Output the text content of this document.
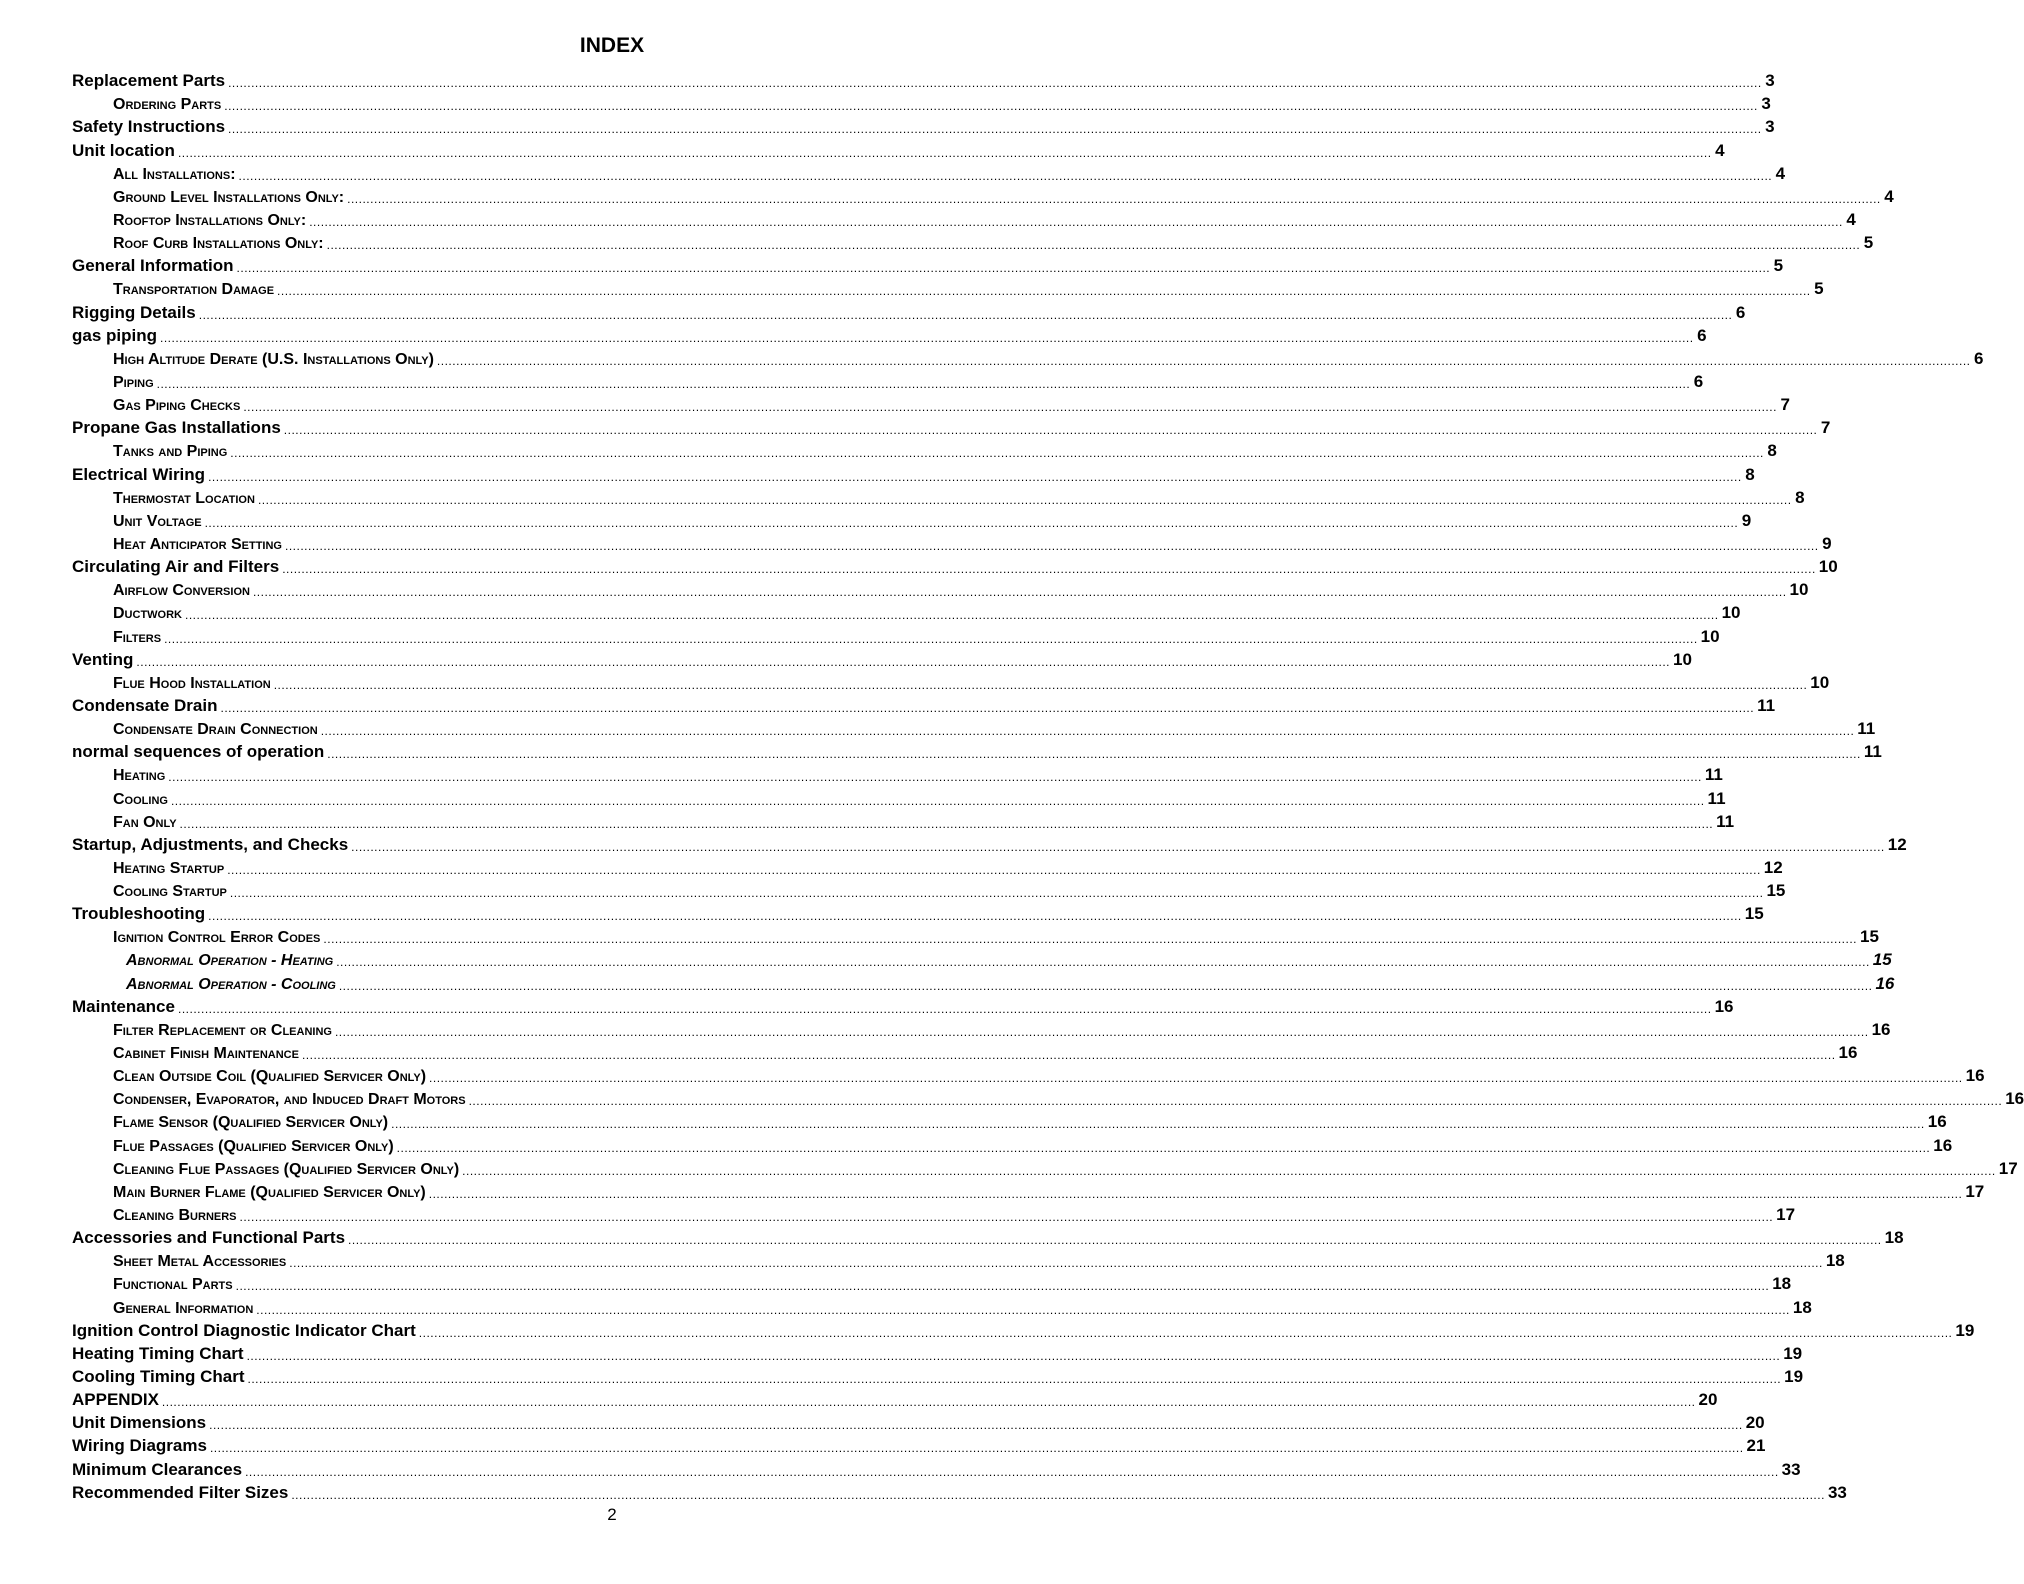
INDEX
Replacement Parts ................................................................................................................................................................................................................................................................................................................................................................................................................ 3
Ordering Parts ................................................................................................................................................................................................................................................................................................................................................................................................................ 3
Safety Instructions ................................................................................................................................................................................................................................................................................................................................................................................................................ 3
Unit location ................................................................................................................................................................................................................................................................................................................................................................................................................ 4
All Installations: ................................................................................................................................................................................................................................................................................................................................................................................................................ 4
Ground Level Installations Only: ................................................................................................................................................................................................................................................................................................................................................................................................................ 4
Rooftop Installations Only: ................................................................................................................................................................................................................................................................................................................................................................................................................ 4
Roof Curb Installations Only: ................................................................................................................................................................................................................................................................................................................................................................................................................ 5
General Information ................................................................................................................................................................................................................................................................................................................................................................................................................ 5
Transportation Damage ................................................................................................................................................................................................................................................................................................................................................................................................................ 5
Rigging Details ................................................................................................................................................................................................................................................................................................................................................................................................................ 6
gas piping ................................................................................................................................................................................................................................................................................................................................................................................................................ 6
High Altitude Derate (U.S. Installations Only) ................................................................................................................................................................................................................................................................................................................................................................................................................ 6
Piping ................................................................................................................................................................................................................................................................................................................................................................................................................ 6
Gas Piping Checks ................................................................................................................................................................................................................................................................................................................................................................................................................ 7
Propane Gas Installations ................................................................................................................................................................................................................................................................................................................................................................................................................ 7
Tanks and Piping ................................................................................................................................................................................................................................................................................................................................................................................................................ 8
Electrical Wiring ................................................................................................................................................................................................................................................................................................................................................................................................................ 8
Thermostat Location ................................................................................................................................................................................................................................................................................................................................................................................................................ 8
Unit Voltage ................................................................................................................................................................................................................................................................................................................................................................................................................ 9
Heat Anticipator Setting ................................................................................................................................................................................................................................................................................................................................................................................................................ 9
Circulating Air and Filters ................................................................................................................................................................................................................................................................................................................................................................................................................ 10
Airflow Conversion ................................................................................................................................................................................................................................................................................................................................................................................................................ 10
Ductwork ................................................................................................................................................................................................................................................................................................................................................................................................................ 10
Filters ................................................................................................................................................................................................................................................................................................................................................................................................................ 10
Venting ................................................................................................................................................................................................................................................................................................................................................................................................................ 10
Flue Hood Installation ................................................................................................................................................................................................................................................................................................................................................................................................................ 10
Condensate Drain ................................................................................................................................................................................................................................................................................................................................................................................................................ 11
Condensate Drain Connection ................................................................................................................................................................................................................................................................................................................................................................................................................ 11
normal sequences of operation ................................................................................................................................................................................................................................................................................................................................................................................................................ 11
Heating ................................................................................................................................................................................................................................................................................................................................................................................................................ 11
Cooling ................................................................................................................................................................................................................................................................................................................................................................................................................ 11
Fan Only ................................................................................................................................................................................................................................................................................................................................................................................................................ 11
Startup, Adjustments, and Checks ................................................................................................................................................................................................................................................................................................................................................................................................................ 12
Heating Startup ................................................................................................................................................................................................................................................................................................................................................................................................................ 12
Cooling Startup ................................................................................................................................................................................................................................................................................................................................................................................................................ 15
Troubleshooting ................................................................................................................................................................................................................................................................................................................................................................................................................ 15
Ignition Control Error Codes ................................................................................................................................................................................................................................................................................................................................................................................................................ 15
Abnormal Operation - Heating ................................................................................................................................................................................................................................................................................................................................................................................................................ 15
Abnormal Operation - Cooling ................................................................................................................................................................................................................................................................................................................................................................................................................ 16
Maintenance ................................................................................................................................................................................................................................................................................................................................................................................................................ 16
Filter Replacement or Cleaning ................................................................................................................................................................................................................................................................................................................................................................................................................ 16
Cabinet Finish Maintenance ................................................................................................................................................................................................................................................................................................................................................................................................................ 16
Clean Outside Coil (Qualified Servicer Only) ................................................................................................................................................................................................................................................................................................................................................................................................................ 16
Condenser, Evaporator, and Induced Draft Motors ................................................................................................................................................................................................................................................................................................................................................................................................................ 16
Flame Sensor (Qualified Servicer Only) ................................................................................................................................................................................................................................................................................................................................................................................................................ 16
Flue Passages (Qualified Servicer Only) ................................................................................................................................................................................................................................................................................................................................................................................................................ 16
Cleaning Flue Passages (Qualified Servicer Only) ................................................................................................................................................................................................................................................................................................................................................................................................................ 17
Main Burner Flame (Qualified Servicer Only) ................................................................................................................................................................................................................................................................................................................................................................................................................ 17
Cleaning Burners ................................................................................................................................................................................................................................................................................................................................................................................................................ 17
Accessories and Functional Parts ................................................................................................................................................................................................................................................................................................................................................................................................................ 18
Sheet Metal Accessories ................................................................................................................................................................................................................................................................................................................................................................................................................ 18
Functional Parts ................................................................................................................................................................................................................................................................................................................................................................................................................ 18
General Information ................................................................................................................................................................................................................................................................................................................................................................................................................ 18
Ignition Control Diagnostic Indicator Chart ................................................................................................................................................................................................................................................................................................................................................................................................................ 19
Heating Timing Chart ................................................................................................................................................................................................................................................................................................................................................................................................................ 19
Cooling Timing Chart ................................................................................................................................................................................................................................................................................................................................................................................................................ 19
APPENDIX ................................................................................................................................................................................................................................................................................................................................................................................................................ 20
Unit Dimensions ................................................................................................................................................................................................................................................................................................................................................................................................................ 20
Wiring Diagrams ................................................................................................................................................................................................................................................................................................................................................................................................................ 21
Minimum Clearances ................................................................................................................................................................................................................................................................................................................................................................................................................ 33
Recommended Filter Sizes ................................................................................................................................................................................................................................................................................................................................................................................................................ 33
2
